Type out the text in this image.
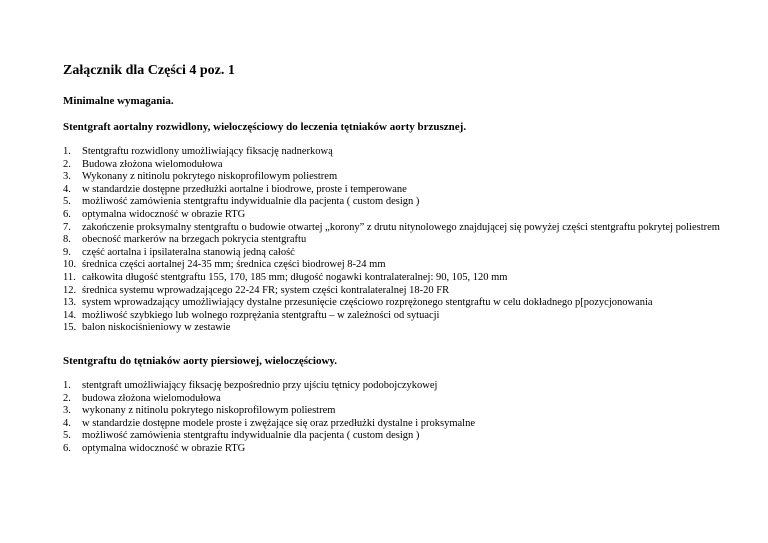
Załącznik dla Części 4 poz. 1

Minimalne wymagania.

Stentgraft aortalny rozwidlony, wieloczęściowy do leczenia tętniaków aorty brzusznej.

1.	Stentgraftu rozwidlony umożliwiający fiksację nadnerkową
2.	Budowa złożona wielomodułowa
3.	Wykonany z nitinolu pokrytego niskoprofilowym poliestrem
4.	w standardzie dostępne przedłużki aortalne i biodrowe, proste i temperowane
5.	możliwość zamówienia stentgraftu indywidualnie dla pacjenta ( custom design )
6.	optymalna widoczność w obrazie RTG
7.	zakończenie proksymalny stentgraftu o budowie otwartej „korony” z drutu nitynolowego znajdującej się powyżej części stentgraftu pokrytej poliestrem
8.	obecność markerów na brzegach pokrycia stentgraftu
9.	część aortalna i ipsilateralna stanowią jedną całość
10. średnica części aortalnej 24-35 mm; średnica części biodrowej 8-24 mm
11. całkowita długość stentgraftu 155, 170, 185 mm; długość nogawki kontralateralnej: 90, 105, 120 mm
12. średnica systemu wprowadzającego 22-24 FR; system części kontralateralnej 18-20 FR
13. system wprowadzający umożliwiający dystalne przesunięcie częściowo rozprężonego stentgraftu w celu dokładnego p[pozycjonowania
14. możliwość szybkiego lub wolnego rozprężania stentgraftu – w zależności od sytuacji
15. balon niskociśnieniowy w zestawie

Stentgraftu do tętniaków aorty piersiowej, wieloczęściowy.

1.	stentgraft umożliwiający fiksację bezpośrednio przy ujściu tętnicy podobojczykowej
2.	budowa złożona wielomodułowa
3.	wykonany z nitinolu pokrytego niskoprofilowym poliestrem
4.	w standardzie dostępne modele proste i zwężające się oraz przedłużki dystalne i proksymalne
5.	możliwość zamówienia stentgraftu indywidualnie dla pacjenta ( custom design )
6.	optymalna widoczność w obrazie RTG
